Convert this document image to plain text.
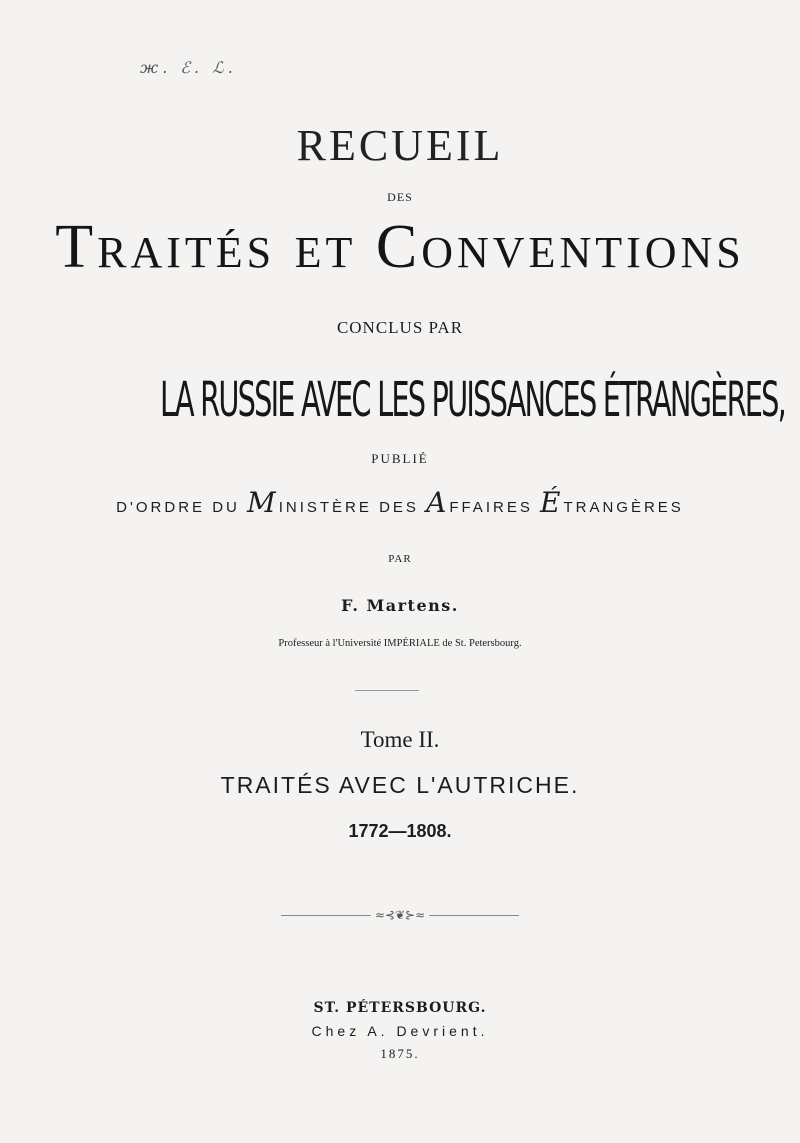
ж. ℰ. ℒ.
RECUEIL
DES
TRAITÉS ET CONVENTIONS
CONCLUS PAR
LA RUSSIE AVEC LES PUISSANCES ÉTRANGÈRES,
PUBLIÉ
D'ORDRE DU MINISTÈRE DES AFFAIRES ÉTRANGÈRES
PAR
F. Martens.
Professeur à l'Université IMPÉRIALE de St. Petersbourg.
Tome II.
TRAITÉS AVEC L'AUTRICHE.
1772—1808.
≈⊰❦⊱≈
ST. PÉTERSBOURG.
Chez A. Devrient.
1875.
